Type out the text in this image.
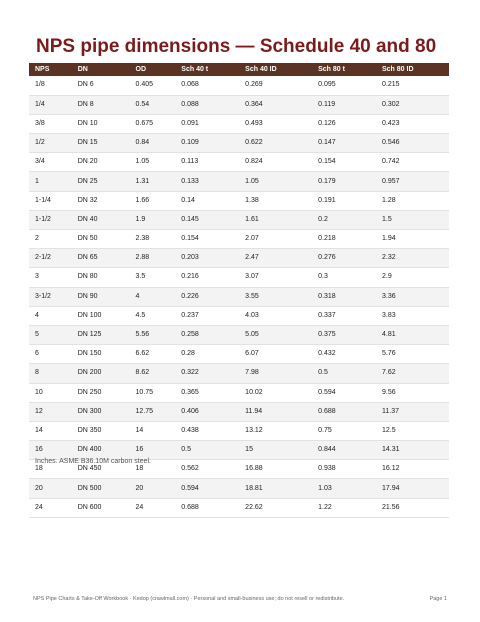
NPS pipe dimensions — Schedule 40 and 80
NPS	DN	OD	Sch 40 t	Sch 40 ID	Sch 80 t	Sch 80 ID
1/8	DN 6	0.405	0.068	0.269	0.095	0.215
1/4	DN 8	0.54	0.088	0.364	0.119	0.302
3/8	DN 10	0.675	0.091	0.493	0.126	0.423
1/2	DN 15	0.84	0.109	0.622	0.147	0.546
3/4	DN 20	1.05	0.113	0.824	0.154	0.742
1	DN 25	1.31	0.133	1.05	0.179	0.957
1-1/4	DN 32	1.66	0.14	1.38	0.191	1.28
1-1/2	DN 40	1.9	0.145	1.61	0.2	1.5
2	DN 50	2.38	0.154	2.07	0.218	1.94
2-1/2	DN 65	2.88	0.203	2.47	0.276	2.32
3	DN 80	3.5	0.216	3.07	0.3	2.9
3-1/2	DN 90	4	0.226	3.55	0.318	3.36
4	DN 100	4.5	0.237	4.03	0.337	3.83
5	DN 125	5.56	0.258	5.05	0.375	4.81
6	DN 150	6.62	0.28	6.07	0.432	5.76
8	DN 200	8.62	0.322	7.98	0.5	7.62
10	DN 250	10.75	0.365	10.02	0.594	9.56
12	DN 300	12.75	0.406	11.94	0.688	11.37
14	DN 350	14	0.438	13.12	0.75	12.5
16	DN 400	16	0.5	15	0.844	14.31
18	DN 450	18	0.562	16.88	0.938	16.12
20	DN 500	20	0.594	18.81	1.03	17.94
24	DN 600	24	0.688	22.62	1.22	21.56

Inches. ASME B36.10M carbon steel.

NPS Pipe Charts & Take-Off Workbook · Kedop (crawlmall.com) · Personal and small-business use; do not resell or redistribute.	Page 1
